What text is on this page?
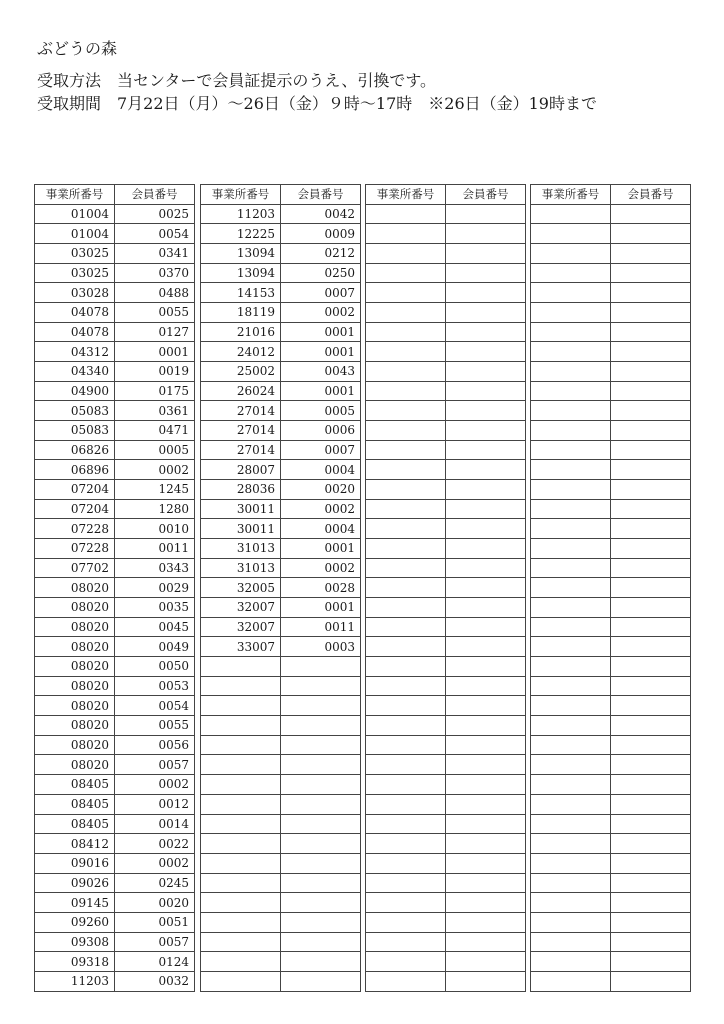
ぶどうの森
受取方法　当センターで会員証提示のうえ、引換です。
受取期間　7月22日（月）～26日（金）９時～17時　※26日（金）19時まで
事業所番号	会員番号
01004	0025
01004	0054
03025	0341
03025	0370
03028	0488
04078	0055
04078	0127
04312	0001
04340	0019
04900	0175
05083	0361
05083	0471
06826	0005
06896	0002
07204	1245
07204	1280
07228	0010
07228	0011
07702	0343
08020	0029
08020	0035
08020	0045
08020	0049
08020	0050
08020	0053
08020	0054
08020	0055
08020	0056
08020	0057
08405	0002
08405	0012
08405	0014
08412	0022
09016	0002
09026	0245
09145	0020
09260	0051
09308	0057
09318	0124
11203	0032
事業所番号	会員番号
11203	0042
12225	0009
13094	0212
13094	0250
14153	0007
18119	0002
21016	0001
24012	0001
25002	0043
26024	0001
27014	0005
27014	0006
27014	0007
28007	0004
28036	0020
30011	0002
30011	0004
31013	0001
31013	0002
32005	0028
32007	0001
32007	0011
33007	0003

事業所番号	会員番号

		事業所番号	会員番号
